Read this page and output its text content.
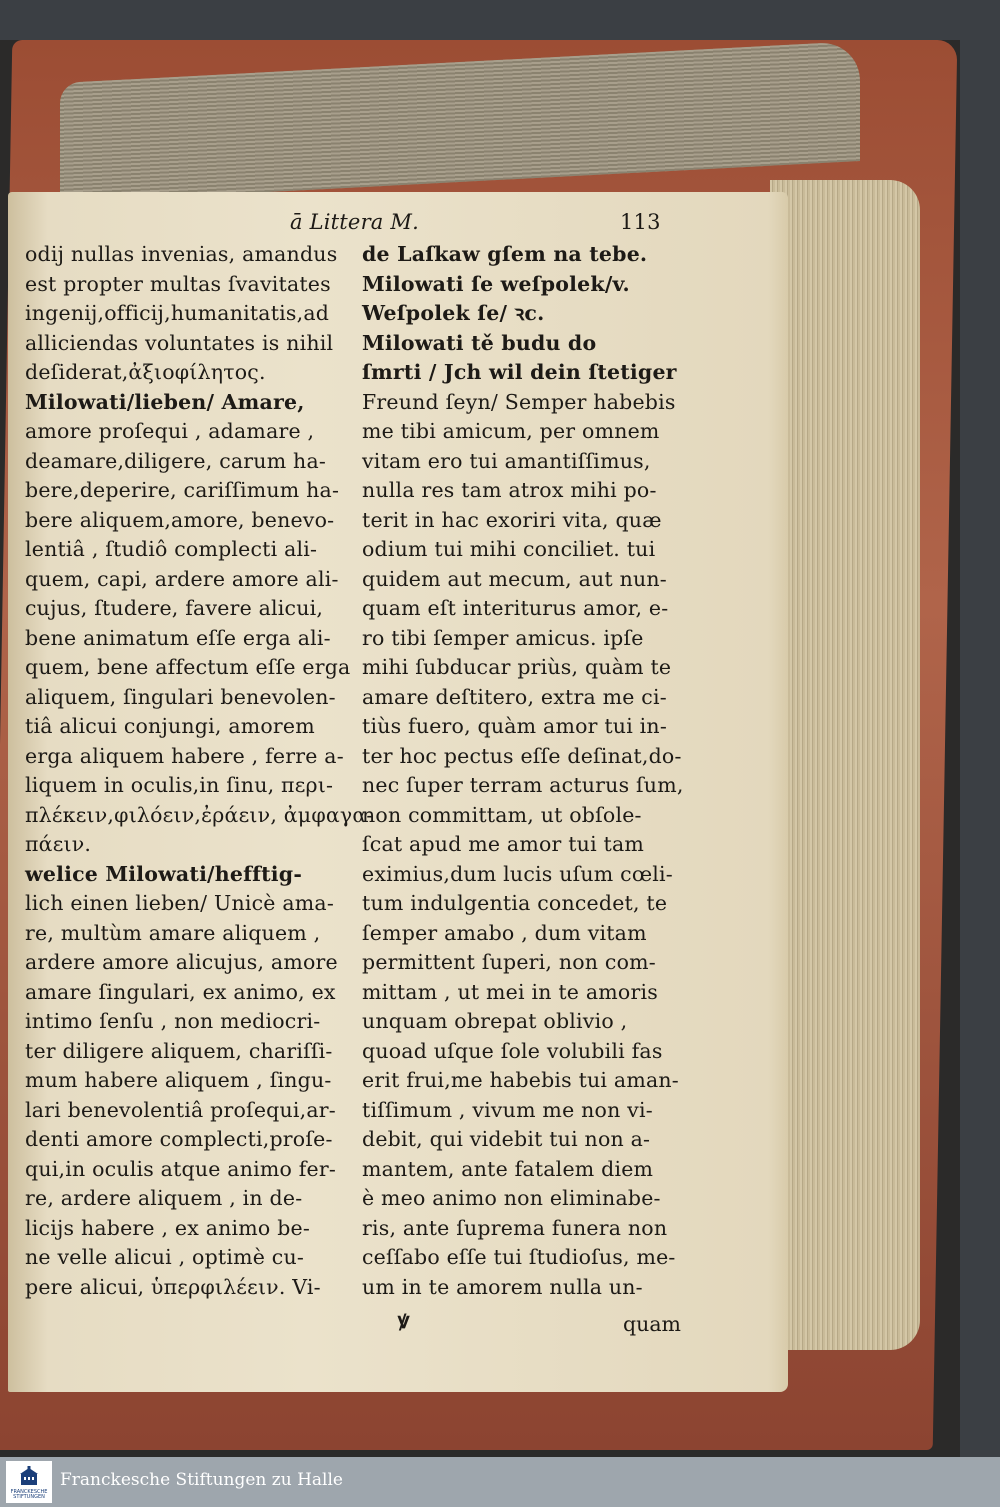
ā Littera M.	113
odij nullas invenias, amandus
est propter multas ſvavitates
ingenij,officij,humanitatis,ad
alliciendas voluntates is nihil
deſiderat,ἀξιοφίλητος.
Milowati/lieben/ Amare,
amore proſequi , adamare ,
deamare,diligere, carum ha-
bere,deperire, cariſſimum ha-
bere aliquem,amore, benevo-
lentiâ , ſtudiô complecti ali-
quem, capi, ardere amore ali-
cujus, ſtudere, favere alicui,
bene animatum eſſe erga ali-
quem, bene affectum eſſe erga
aliquem, ſingulari benevolen-
tiâ alicui conjungi, amorem
erga aliquem habere , ferre a-
liquem in oculis,in ſinu, περι-
πλέκειν,φιλόειν,ἐράειν, ἀμφαγα-
πάειν.
welice Milowati/hefftig-
lich einen lieben/ Unicè ama-
re, multùm amare aliquem ,
ardere amore alicujus, amore
amare ſingulari, ex animo, ex
intimo ſenſu , non mediocri-
ter diligere aliquem, chariſſi-
mum habere aliquem , ſingu-
lari benevolentiâ proſequi,ar-
denti amore complecti,proſe-
qui,in oculis atque animo fer-
re, ardere aliquem , in de-
licijs habere , ex animo be-
ne velle alicui , optimè cu-
pere alicui, ὑπερφιλέειν. Vi-
de Laſkaw gſem na tebe.
Milowati ſe weſpolek/v.
Weſpolek ſe/ ꝛc.
Milowati tě budu do
ſmrti / Jch wil dein ſtetiger
Freund ſeyn/ Semper habebis
me tibi amicum, per omnem
vitam ero tui amantiſſimus,
nulla res tam atrox mihi po-
terit in hac exoriri vita, quæ
odium tui mihi conciliet. tui
quidem aut mecum, aut nun-
quam eſt interiturus amor, e-
ro tibi ſemper amicus. ipſe
mihi ſubducar priùs, quàm te
amare deſtitero, extra me ci-
tiùs fuero, quàm amor tui in-
ter hoc pectus eſſe deſinat,do-
nec ſuper terram acturus ſum,
non committam, ut obſole-
ſcat apud me amor tui tam
eximius,dum lucis uſum cœli-
tum indulgentia concedet, te
ſemper amabo , dum vitam
permittent ſuperi, non com-
mittam , ut mei in te amoris
unquam obrepat oblivio ,
quoad uſque ſole volubili fas
erit frui,me habebis tui aman-
tiſſimum , vivum me non vi-
debit, qui videbit tui non a-
mantem, ante fatalem diem
è meo animo non eliminabe-
ris, ante ſuprema funera non
ceſſabo eſſe tui ſtudioſus, me-
um in te amorem nulla un-
ꝟ	quam
FRANCKESCHE STIFTUNGEN
Franckesche Stiftungen zu Halle
